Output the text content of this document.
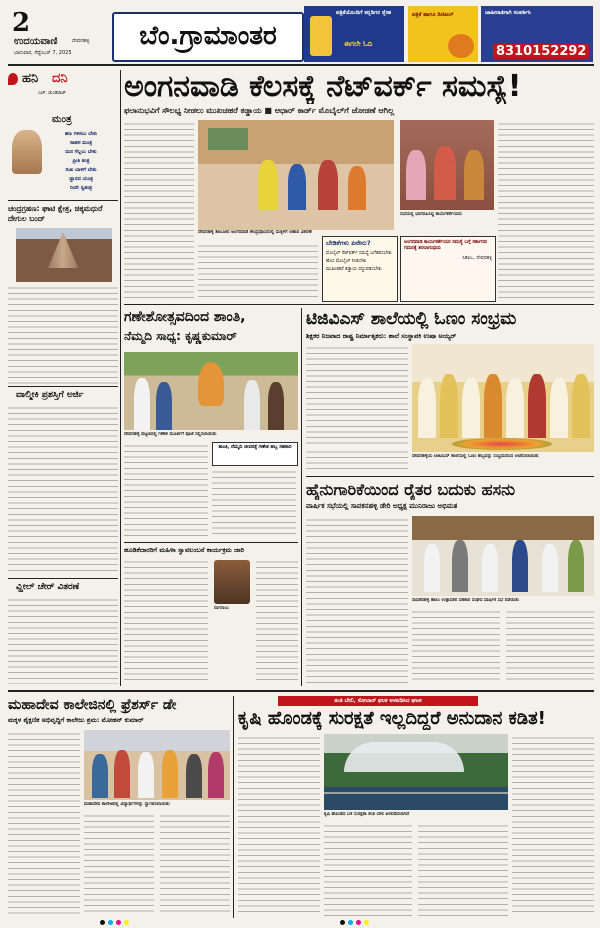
2
ಉದಯವಾಣಿ	ದೇವನಹಳ್ಳಿ
ಭಾನುವಾರ, ಸೆಪ್ಟೆಂಬರ್ 7, 2025
ಬೆಂ.ಗ್ರಾಮಾಂತರ
ಪತ್ರಿಕೆಯೊಂದಿಗೆ ಕನ್ನಡಿಗರ ಸ್ನೇಹ
ಈಗಲೇ ಓದಿ
ಪತ್ರಿಕೆ ಹಾಗೂ ಡಿಜಿಟಲ್	ಜಾಹೀರಾತಿಗಾಗಿ ಸಂಪರ್ಕಿಸಿ
8310152292
ಹನಿ ದನಿ
ಎಚ್. ಡುಂಡಿರಾಜ್
ಮಂತ್ರ
ಹಣ ಗಳಿಸಲು ಬೇಕು
ಸಾಹಸ ಮಂತ್ರ
ಮನ ಗೆಲ್ಲಲು ಬೇಕು
ಪ್ರೀತಿ ತಂತ್ರ
ಸುಖ ಬಾಳಿಗೆ ಬೇಕು
ಜ್ಞಾನದ ಯಂತ್ರ
ನೀವೇ ಸ್ವತಂತ್ರ
ಚಂದ್ರಗ್ರಹಣ: ಘಾಟಿ ಕ್ಷೇತ್ರ, ಚಿಕ್ಕಮಧುರೆ ದೇಗುಲ ಬಂದ್
ವಾಲ್ಮೀಕಿ ಪ್ರಶಸ್ತಿಗೆ ಅರ್ಜಿ
ವ್ಹೀಲ್ ಚೇರ್ ವಿತರಣೆ
ಅಂಗನವಾಡಿ ಕೆಲಸಕ್ಕೆ ನೆಟ್‌ವರ್ಕ್ ಸಮಸ್ಯೆ!
ಫಲಾನುಭವಿಗೆ ಸೌಲಭ್ಯ ನೀಡಲು ಮುಖಚಹರೆ ಕಡ್ಡಾಯ ■ ಆಧಾರ್ ಕಾರ್ಡ್ ಮೊಬೈಲ್‌ಗೆ ಜೋಡಣೆ ಆಗಿಲ್ಲ
ದೇವನಹಳ್ಳಿ ತಾಲೂಕಿನ ಅಂಗನವಾಡಿ ಕೇಂದ್ರವೊಂದರಲ್ಲಿ ಮಕ್ಕಳಿಗೆ ಆಹಾರ ವಿತರಣೆ
ಸಭೆಯಲ್ಲಿ ಭಾಗವಹಿಸಿದ್ದ ಕಾರ್ಯಕರ್ತೆಯರು
ಬೇಡಿಕೆಗಳು ಏನೇನು?
ಮೊಬೈಲ್ ನೆಟ್‌ವರ್ಕ್ ಸಮಸ್ಯೆ ಬಗೆಹರಿಸಬೇಕು
ಹೊಸ ಮೊಬೈಲ್ ನೀಡಬೇಕು
ಮುಖಚಹರೆ ಕಡ್ಡಾಯ ರದ್ದುಪಡಿಸಬೇಕು
ಅಂಗನವಾಡಿ ಕಾರ್ಯಕರ್ತೆಯರ ಸಮಸ್ಯೆ ಬಗ್ಗೆ ಸರ್ಕಾರದ ಗಮನಕ್ಕೆ ತರಲಾಗುವುದು
ಸಿಡಿಪಿಒ, ದೇವನಹಳ್ಳಿ
ಗಣೇಶೋತ್ಸವದಿಂದ ಶಾಂತಿ,
ನೆಮ್ಮದಿ ಸಾಧ್ಯ: ಕೃಷ್ಣಕುಮಾರ್
ದೇವನಹಳ್ಳಿ ಪಟ್ಟಣದಲ್ಲಿ ಗಣೇಶ ಮೂರ್ತಿಗೆ ಪೂಜೆ ಸಲ್ಲಿಸಲಾಯಿತು
ಶಾಂತಿ, ನೆಮ್ಮದಿ ಜೀವನಕ್ಕೆ ಗಣೇಶ ಹಬ್ಬ ಸಹಕಾರಿ
ಹೂಡಿಕೆದಾರರಿಗೆ ಮಹಿಳಾ ಸ್ವಾವಲಂಬನೆ ಕಾರ್ಯಕ್ರಮ ಜಾರಿ
ನಾಗರಾಜು
ಟಿಜಿವಿಎಸ್ ಶಾಲೆಯಲ್ಲಿ ಓಣಂ ಸಂಭ್ರಮ
ಶಿಕ್ಷಕರ ನಿಜವಾದ ರಾಷ್ಟ್ರ ನಿರ್ಮಾತೃಕರು: ಶಾಲೆ ಸಂಸ್ಥಾಪಕಿ ಉಷಾ ಅಯ್ಯರ್
ದೇವನಹಳ್ಳಿಯ ಟಿಜಿವಿಎಸ್ ಶಾಲೆಯಲ್ಲಿ ಓಣಂ ಹಬ್ಬವನ್ನು ಸಂಭ್ರಮದಿಂದ ಆಚರಿಸಲಾಯಿತು
ಹೈನುಗಾರಿಕೆಯಿಂದ ರೈತರ ಬದುಕು ಹಸನು
ವಾರ್ಷಿಕ ಸಭೆಯಲ್ಲಿ ಸಾವಕನಹಳ್ಳಿ ಡೇರಿ ಅಧ್ಯಕ್ಷ ಮುನಿರಾಜು ಅಭಿಮತ
ಸಾವಕನಹಳ್ಳಿ ಹಾಲು ಉತ್ಪಾದಕರ ಸಹಕಾರ ಸಂಘದ ವಾರ್ಷಿಕ ಸಭೆ ನಡೆಯಿತು
ಮಹಾದೇವ ಕಾಲೇಜಿನಲ್ಲಿ ಫ್ರೆಶರ್ಸ್ ಡೇ
ಮಕ್ಕಳ ಶೈಕ್ಷಣಿಕ ಅಭಿವೃದ್ಧಿಗೆ ಕಾಲೇಜು ಶ್ರಮ: ಮೋಹನ್ ಕುಮಾರ್
ಮಹಾದೇವ ಕಾಲೇಜಿನಲ್ಲಿ ವಿದ್ಯಾರ್ಥಿಗಳನ್ನು ಸ್ವಾಗತಿಸಲಾಯಿತು
ತಂತಿ ಬೇಲಿ, ಸೋಲಾರ್ ಫಲಕ ಅಳವಡಿಸಿದ ಘಟಕ
ಕೃಷಿ ಹೊಂಡಕ್ಕೆ ಸುರಕ್ಷತೆ ಇಲ್ಲದಿದ್ದರೆ ಅನುದಾನ ಕಡಿತ!
ಕೃಷಿ ಹೊಂಡದ ಬಳಿ ಸುರಕ್ಷತಾ ತಂತಿ ಬೇಲಿ ಅಳವಡಿಸಲಾಗಿದೆ
